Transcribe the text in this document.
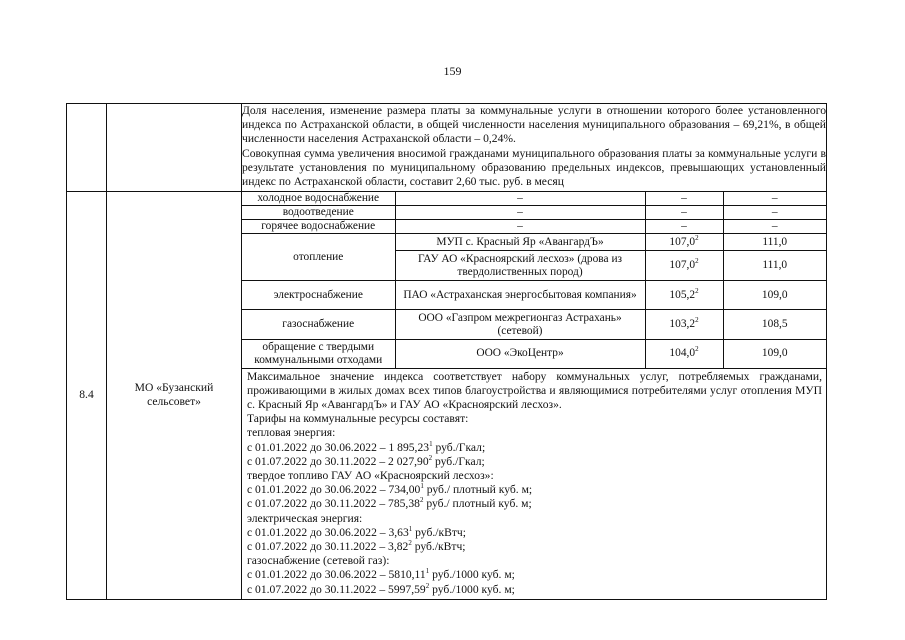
159

Доля населения, изменение размера платы за коммунальные услуги в отношении которого более установленного индекса по Астраханской области, в общей численности населения муниципального образования – 69,21%, в общей численности населения Астраханской области – 0,24%.

Совокупная сумма увеличения вносимой гражданами муниципального образования платы за коммунальные услуги в результате установления по муниципальному образованию предельных индексов, превышающих установленный индекс по Астраханской области, составит 2,60 тыс. руб. в месяц

8.4	МО «Бузанский сельсовет»	
холодное водоснабжение	–	–	–
водоотведение	–	–	–
горячее водоснабжение	–	–	–
отопление	МУП с. Красный Яр «АвангардЪ»	107,0$^2$	111,0
ГАУ АО «Красноярский лесхоз» (дрова из твердолиственных пород)	107,0$^2$	111,0
электроснабжение	ПАО «Астраханская энергосбытовая компания»	105,2$^2$	109,0
газоснабжение	ООО «Газпром межрегионгаз Астрахань» (сетевой)	103,2$^2$	108,5
обращение с твердыми коммунальными отходами	ООО «ЭкоЦентр»	104,0$^2$	109,0

Максимальное значение индекса соответствует набору коммунальных услуг, потребляемых гражданами, проживающими в жилых домах всех типов благоустройства и являющимися потребителями услуг отопления МУП с. Красный Яр «АвангардЪ» и ГАУ АО «Красноярский лесхоз».

Тарифы на коммунальные ресурсы составят:

тепловая энергия:
с 01.01.2022 до 30.06.2022 – 1 895,23$^1$ руб./Гкал;
с 01.07.2022 до 30.11.2022 – 2 027,90$^2$ руб./Гкал;
твердое топливо ГАУ АО «Красноярский лесхоз»:
с 01.01.2022 до 30.06.2022 – 734,00$^1$ руб./ плотный куб. м;
с 01.07.2022 до 30.11.2022 – 785,38$^2$ руб./ плотный куб. м;
электрическая энергия:
с 01.01.2022 до 30.06.2022 – 3,63$^1$ руб./кВтч;
с 01.07.2022 до 30.11.2022 – 3,82$^2$ руб./кВтч;
газоснабжение (сетевой газ):
с 01.01.2022 до 30.06.2022 – 5810,11$^1$ руб./1000 куб. м;
с 01.07.2022 до 30.11.2022 – 5997,59$^2$ руб./1000 куб. м;
